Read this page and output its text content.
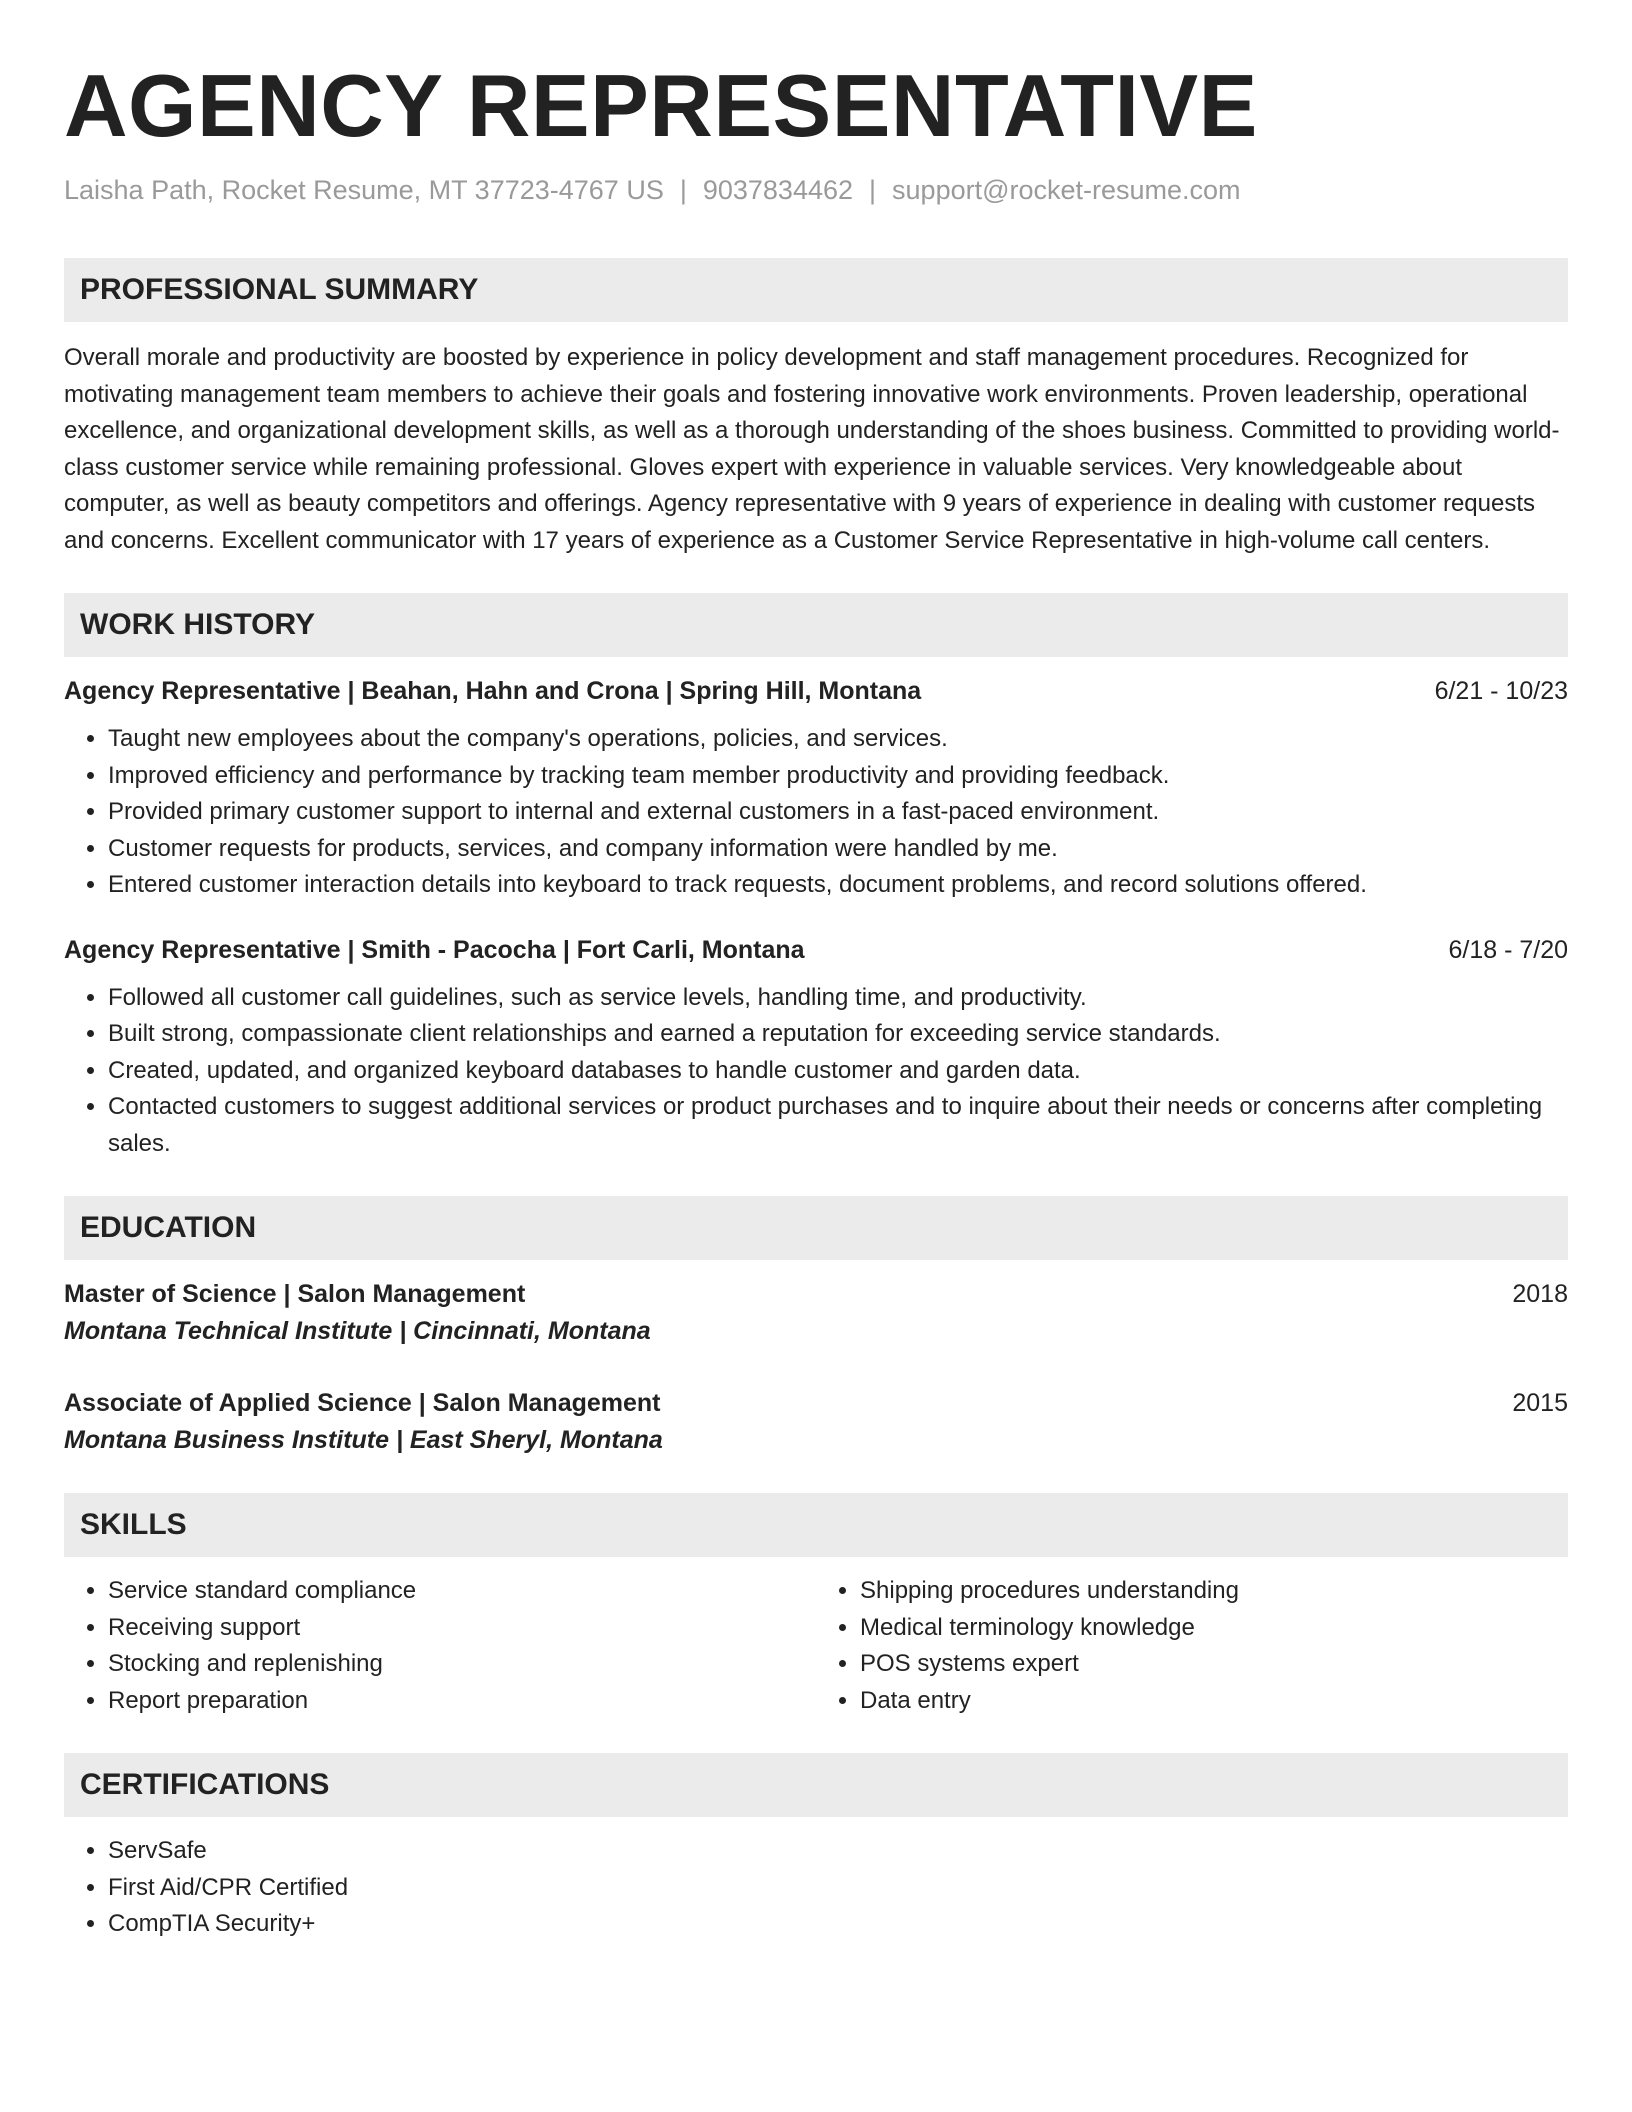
AGENCY REPRESENTATIVE
Laisha Path, Rocket Resume, MT 37723-4767 US | 9037834462 | support@rocket-resume.com
PROFESSIONAL SUMMARY

Overall morale and productivity are boosted by experience in policy development and staff management procedures. Recognized for motivating management team members to achieve their goals and fostering innovative work environments. Proven leadership, operational excellence, and organizational development skills, as well as a thorough understanding of the shoes business. Committed to providing world-class customer service while remaining professional. Gloves expert with experience in valuable services. Very knowledgeable about computer, as well as beauty competitors and offerings. Agency representative with 9 years of experience in dealing with customer requests and concerns. Excellent communicator with 17 years of experience as a Customer Service Representative in high-volume call centers.

WORK HISTORY
Agency Representative | Beahan, Hahn and Crona | Spring Hill, Montana	6/21 - 10/23
• Taught new employees about the company's operations, policies, and services.
• Improved efficiency and performance by tracking team member productivity and providing feedback.
• Provided primary customer support to internal and external customers in a fast-paced environment.
• Customer requests for products, services, and company information were handled by me.
• Entered customer interaction details into keyboard to track requests, document problems, and record solutions offered.
Agency Representative | Smith - Pacocha | Fort Carli, Montana	6/18 - 7/20
• Followed all customer call guidelines, such as service levels, handling time, and productivity.
• Built strong, compassionate client relationships and earned a reputation for exceeding service standards.
• Created, updated, and organized keyboard databases to handle customer and garden data.
• Contacted customers to suggest additional services or product purchases and to inquire about their needs or concerns after completing sales.
EDUCATION
Master of Science | Salon Management	2018
Montana Technical Institute | Cincinnati, Montana
Associate of Applied Science | Salon Management	2015
Montana Business Institute | East Sheryl, Montana
SKILLS
• Service standard compliance
• Receiving support
• Stocking and replenishing
• Report preparation
• Shipping procedures understanding
• Medical terminology knowledge
• POS systems expert
• Data entry
CERTIFICATIONS
• ServSafe
• First Aid/CPR Certified
• CompTIA Security+
